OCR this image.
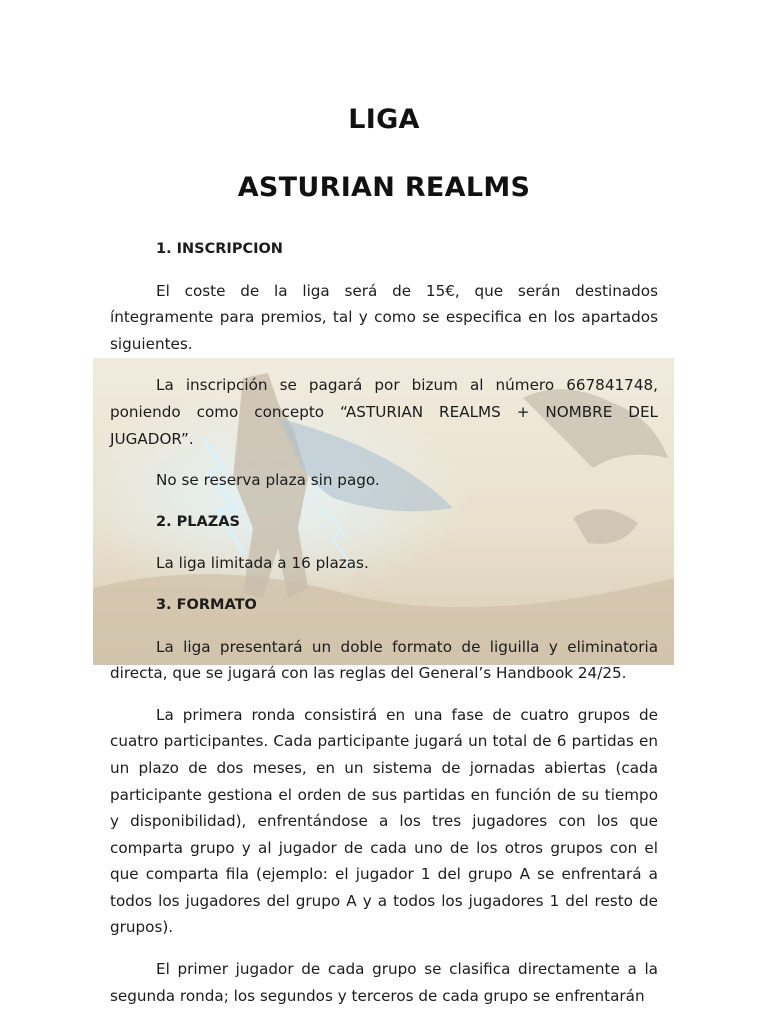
LIGA
ASTURIAN REALMS

1. INSCRIPCION

El coste de la liga será de 15€, que serán destinados íntegramente para premios, tal y como se especifica en los apartados siguientes.

La inscripción se pagará por bizum al número 667841748, poniendo como concepto “ASTURIAN REALMS + NOMBRE DEL JUGADOR”.

No se reserva plaza sin pago.

2. PLAZAS

La liga limitada a 16 plazas.

3. FORMATO

La liga presentará un doble formato de liguilla y eliminatoria directa, que se jugará con las reglas del General’s Handbook 24/25.

La primera ronda consistirá en una fase de cuatro grupos de cuatro participantes. Cada participante jugará un total de 6 partidas en un plazo de dos meses, en un sistema de jornadas abiertas (cada participante gestiona el orden de sus partidas en función de su tiempo y disponibilidad), enfrentándose a los tres jugadores con los que comparta grupo y al jugador de cada uno de los otros grupos con el que comparta fila (ejemplo: el jugador 1 del grupo A se enfrentará a todos los jugadores del grupo A y a todos los jugadores 1 del resto de grupos).

El primer jugador de cada grupo se clasifica directamente a la segunda ronda; los segundos y terceros de cada grupo se enfrentarán
